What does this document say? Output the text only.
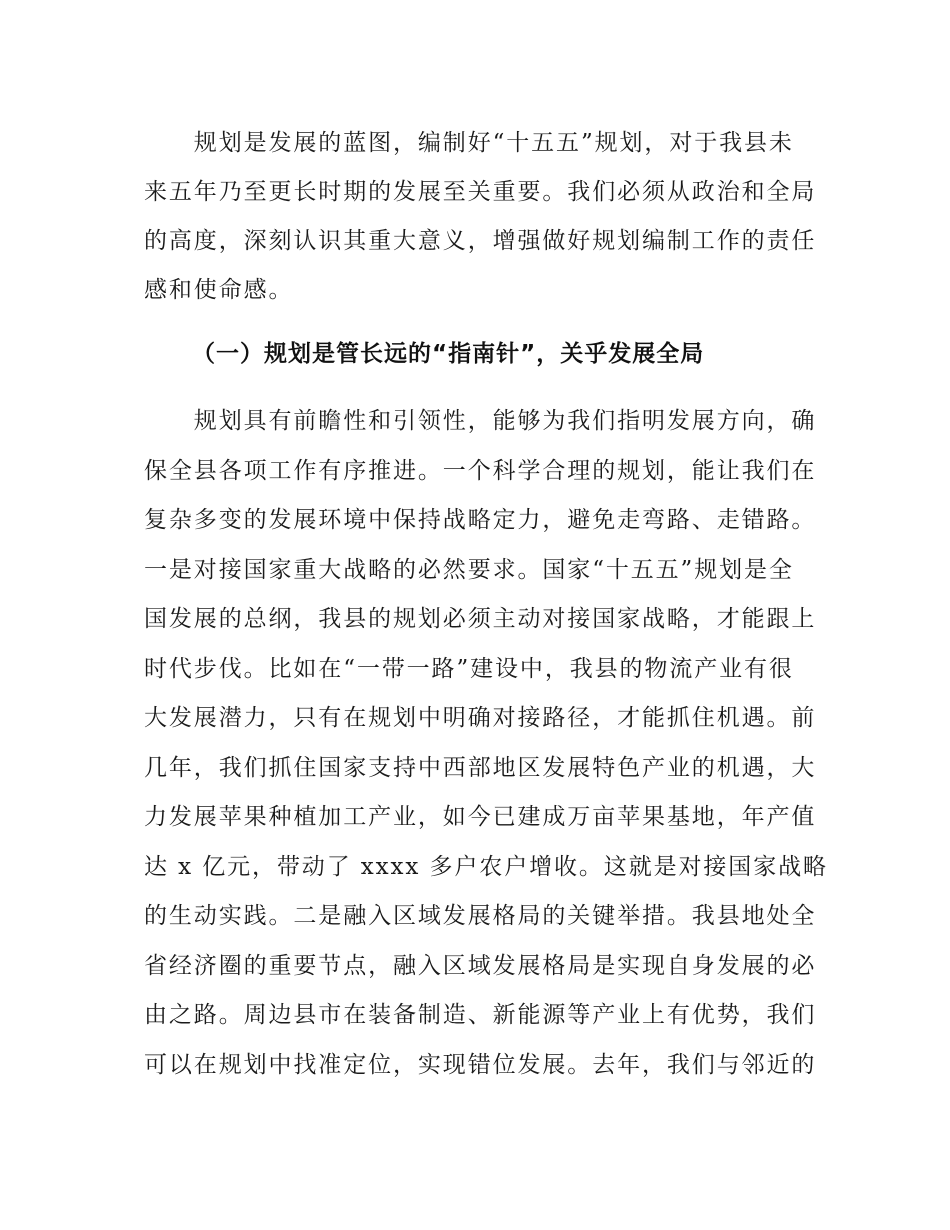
　　规划是发展的蓝图，编制好“十五五”规划，对于我县未
来五年乃至更长时期的发展至关重要。我们必须从政治和全局
的高度，深刻认识其重大意义，增强做好规划编制工作的责任
感和使命感。
（一）规划是管长远的“指南针”，关乎发展全局
　　规划具有前瞻性和引领性，能够为我们指明发展方向，确
保全县各项工作有序推进。一个科学合理的规划，能让我们在
复杂多变的发展环境中保持战略定力，避免走弯路、走错路。
一是对接国家重大战略的必然要求。国家“十五五”规划是全
国发展的总纲，我县的规划必须主动对接国家战略，才能跟上
时代步伐。比如在“一带一路”建设中，我县的物流产业有很
大发展潜力，只有在规划中明确对接路径，才能抓住机遇。前
几年，我们抓住国家支持中西部地区发展特色产业的机遇，大
力发展苹果种植加工产业，如今已建成万亩苹果基地，年产值
达 x 亿元，带动了 xxxx 多户农户增收。这就是对接国家战略
的生动实践。二是融入区域发展格局的关键举措。我县地处全
省经济圈的重要节点，融入区域发展格局是实现自身发展的必
由之路。周边县市在装备制造、新能源等产业上有优势，我们
可以在规划中找准定位，实现错位发展。去年，我们与邻近的
